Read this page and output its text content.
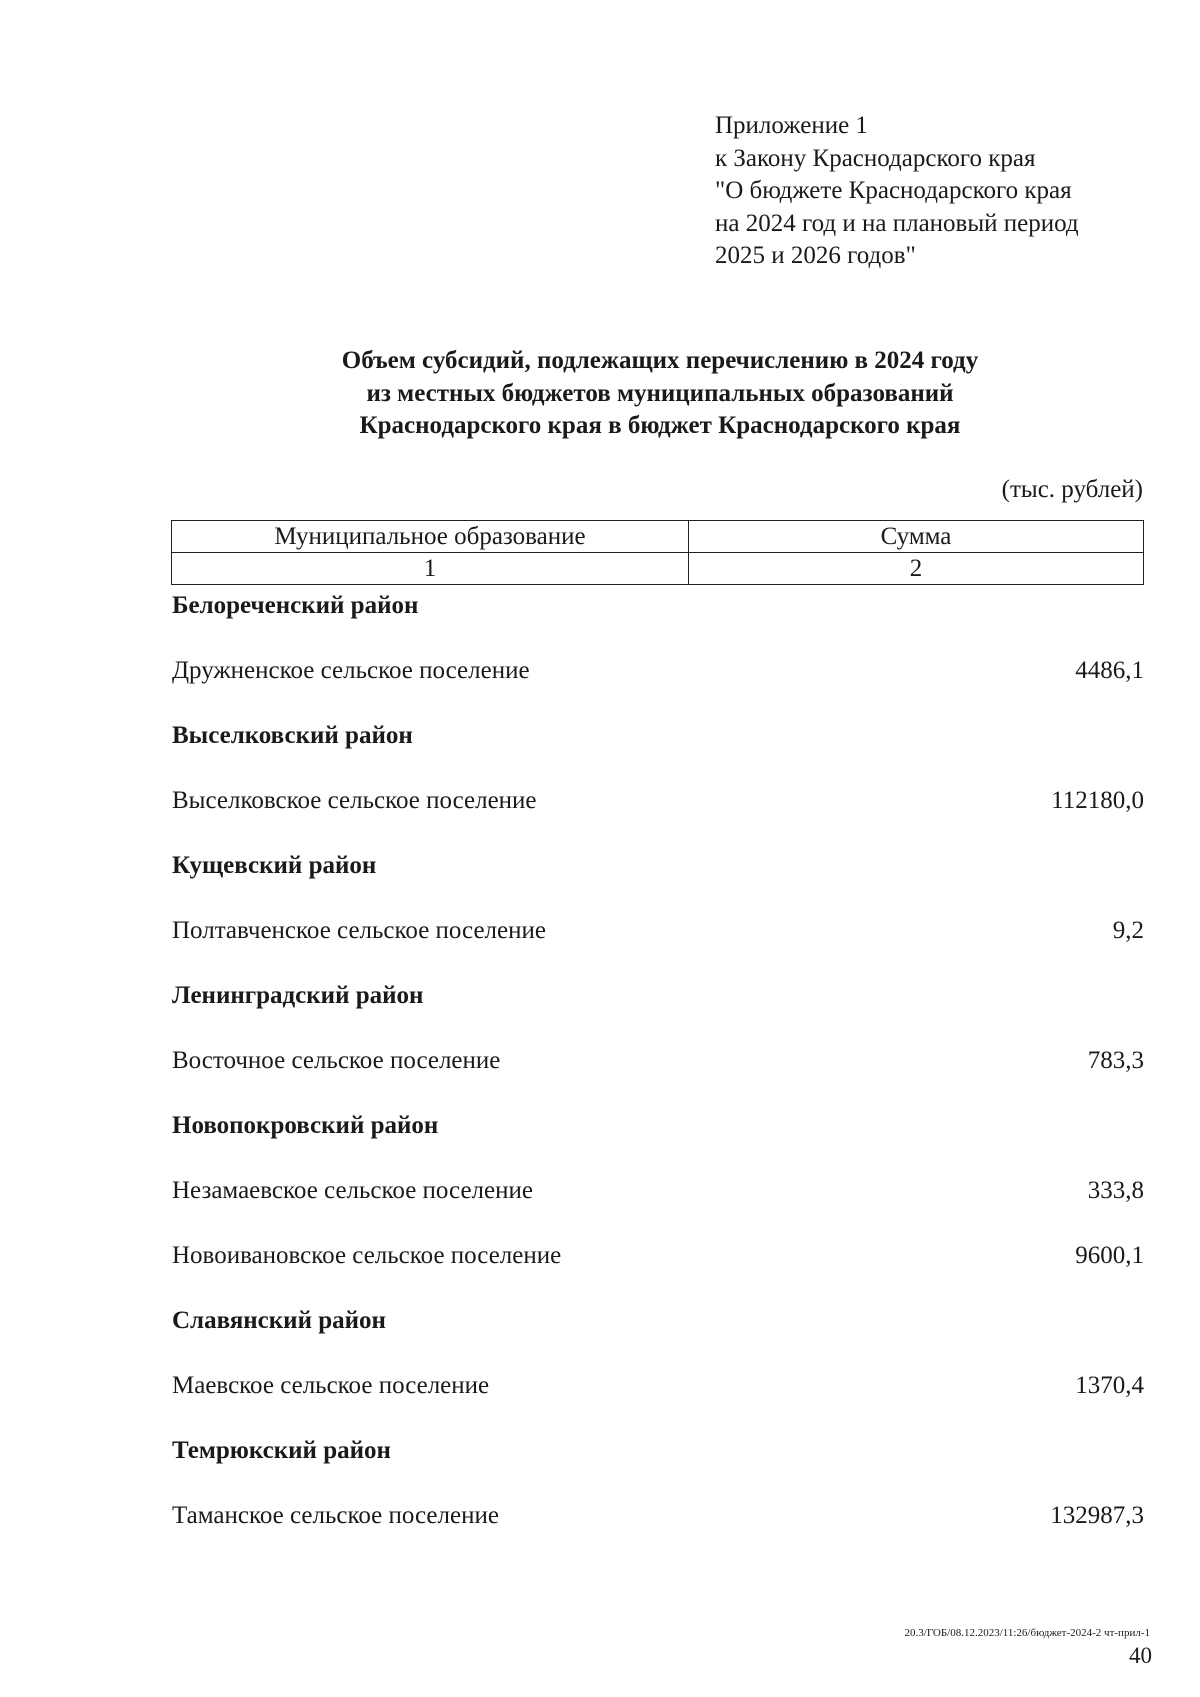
Приложение 1
к Закону Краснодарского края
"О бюджете Краснодарского края
на 2024 год и на плановый период
2025 и 2026 годов"
Объем субсидий, подлежащих перечислению в 2024 году
из местных бюджетов муниципальных образований
Краснодарского края в бюджет Краснодарского края
(тыс. рублей)
Муниципальное образование	Сумма
1	2
Белореченский район
Дружненское сельское поселение	4486,1
Выселковский район
Выселковское сельское поселение	112180,0
Кущевский район
Полтавченское сельское поселение	9,2
Ленинградский район
Восточное сельское поселение	783,3
Новопокровский район
Незамаевское сельское поселение	333,8
Новоивановское сельское поселение	9600,1
Славянский район
Маевское сельское поселение	1370,4
Темрюкский район
Таманское сельское поселение	132987,3
20.3/ГОБ/08.12.2023/11:26/бюджет-2024-2 чт-прил-1
40
